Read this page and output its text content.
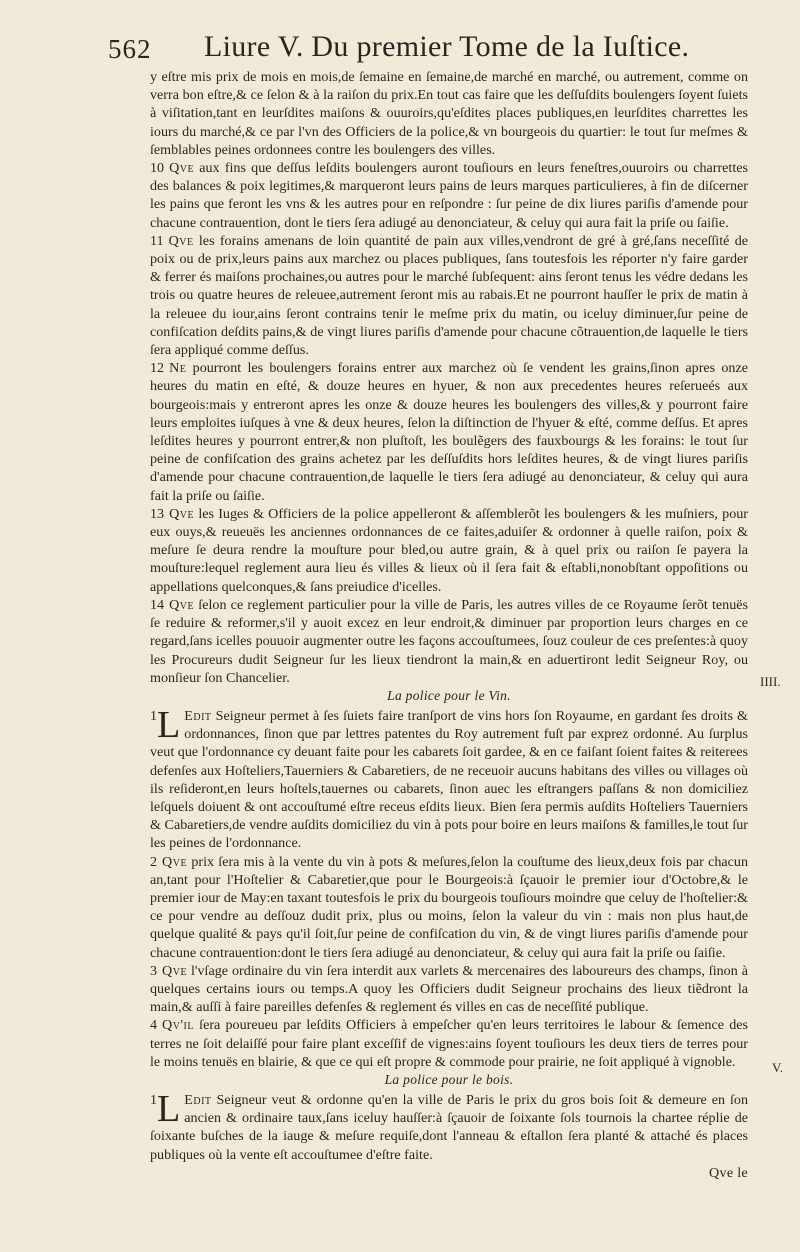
562 Liure V. Du premier Tome de la Iuſtice.
IIII.
V.

y eſtre mis prix de mois en mois,de ſemaine en ſemaine,de marché en marché, ou autrement, comme on verra bon eſtre,& ce ſelon & à la raiſon du prix.En tout cas faire que les deſſuſdits boulengers ſoyent ſuiets à viſitation,tant en leurſdites maiſons & ouuroirs,qu'eſdites places publiques,en leurſdites charrettes les iours du marché,& ce par l'vn des Officiers de la police,& vn bourgeois du quartier: le tout ſur meſmes & ſemblables peines ordonnees contre les boulengers des villes.

10 Qve aux fins que deſſus leſdits boulengers auront touſiours en leurs feneſtres,ouuroirs ou charrettes des balances & poix legitimes,& marqueront leurs pains de leurs marques particulieres, à fin de diſcerner les pains que feront les vns & les autres pour en reſpondre : ſur peine de dix liures pariſis d'amende pour chacune contrauention, dont le tiers ſera adiugé au denonciateur, & celuy qui aura fait la priſe ou ſaiſie.

11 Qve les forains amenans de loin quantité de pain aux villes,vendront de gré à gré,ſans neceſſité de poix ou de prix,leurs pains aux marchez ou places publiques, ſans toutesfois les réporter n'y faire garder & ferrer és maiſons prochaines,ou autres pour le marché ſubſequent: ains ſeront tenus les védre dedans les trois ou quatre heures de releuee,autrement ſeront mis au rabais.Et ne pourront hauſſer le prix de matin à la releuee du iour,ains ſeront contrains tenir le meſme prix du matin, ou iceluy diminuer,ſur peine de confiſcation deſdits pains,& de vingt liures pariſis d'amende pour chacune cõtrauention,de laquelle le tiers ſera appliqué comme deſſus.

12 Ne pourront les boulengers forains entrer aux marchez où ſe vendent les grains,ſinon apres onze heures du matin en eſté, & douze heures en hyuer, & non aux precedentes heures reſerueés aux bourgeois:mais y entreront apres les onze & douze heures les boulengers des villes,& y pourront faire leurs emploites iuſques à vne & deux heures, ſelon la diſtinction de l'hyuer & eſté, comme deſſus. Et apres leſdites heures y pourront entrer,& non pluſtoſt, les boulẽgers des fauxbourgs & les forains: le tout ſur peine de confiſcation des grains achetez par les deſſuſdits hors leſdites heures, & de vingt liures pariſis d'amende pour chacune contrauention,de laquelle le tiers ſera adiugé au denonciateur, & celuy qui aura fait la priſe ou ſaiſie.

13 Qve les Iuges & Officiers de la police appelleront & aſſemblerõt les boulengers & les muſniers, pour eux ouys,& reueuës les anciennes ordonnances de ce faites,aduiſer & ordonner à quelle raiſon, poix & meſure ſe deura rendre la mouſture pour bled,ou autre grain, & à quel prix ou raiſon ſe payera la mouſture:lequel reglement aura lieu és villes & lieux où il ſera fait & eſtabli,nonobſtant oppoſitions ou appellations quelconques,& ſans preiudice d'icelles.

14 Qve ſelon ce reglement particulier pour la ville de Paris, les autres villes de ce Royaume ſerõt tenuës ſe reduire & reformer,s'il y auoit excez en leur endroit,& diminuer par proportion leurs charges en ce regard,ſans icelles pouuoir augmenter outre les façons accouſtumees, ſouz couleur de ces preſentes:à quoy les Procureurs dudit Seigneur ſur les lieux tiendront la main,& en aduertiront ledit Seigneur Roy, ou monſieur ſon Chancelier.

La police pour le Vin.

1 L Edit Seigneur permet à ſes ſuiets faire tranſport de vins hors ſon Royaume, en gardant ſes droits & ordonnances, ſinon que par lettres patentes du Roy autrement fuſt par exprez ordonné. Au ſurplus veut que l'ordonnance cy deuant faite pour les cabarets ſoit gardee, & en ce faiſant ſoient faites & reiterees defenſes aux Hoſteliers,Tauerniers & Cabaretiers, de ne receuoir aucuns habitans des villes ou villages où ils reſideront,en leurs hoſtels,tauernes ou cabarets, ſinon auec les eſtrangers paſſans & non domiciliez leſquels doiuent & ont accouſtumé eſtre receus eſdits lieux. Bien ſera permis auſdits Hoſteliers Tauerniers & Cabaretiers,de vendre auſdits domiciliez du vin à pots pour boire en leurs maiſons & familles,le tout ſur les peines de l'ordonnance.

2 Qve prix ſera mis à la vente du vin à pots & meſures,ſelon la couſtume des lieux,deux fois par chacun an,tant pour l'Hoſtelier & Cabaretier,que pour le Bourgeois:à ſçauoir le premier iour d'Octobre,& le premier iour de May:en taxant toutesfois le prix du bourgeois touſiours moindre que celuy de l'hoſtelier:& ce pour vendre au deſſouz dudit prix, plus ou moins, ſelon la valeur du vin : mais non plus haut,de quelque qualité & pays qu'il ſoit,ſur peine de confiſcation du vin, & de vingt liures pariſis d'amende pour chacune contrauention:dont le tiers ſera adiugé au denonciateur, & celuy qui aura fait la priſe ou ſaiſie.

3 Qve l'vſage ordinaire du vin ſera interdit aux varlets & mercenaires des laboureurs des champs, ſinon à quelques certains iours ou temps.A quoy les Officiers dudit Seigneur prochains des lieux tiẽdront la main,& auſſi à faire pareilles defenſes & reglement és villes en cas de neceſſité publique.

4 Qv'il ſera poureueu par leſdits Officiers à empeſcher qu'en leurs territoires le labour & ſemence des terres ne ſoit delaiſſé pour faire plant exceſſif de vignes:ains ſoyent touſiours les deux tiers de terres pour le moins tenuës en blairie, & que ce qui eſt propre & commode pour prairie, ne ſoit appliqué à vignoble.

La police pour le bois.

1 L Edit Seigneur veut & ordonne qu'en la ville de Paris le prix du gros bois ſoit & demeure en ſon ancien & ordinaire taux,ſans iceluy hauſſer:à ſçauoir de ſoixante ſols tournois la chartee réplie de ſoixante buſches de la iauge & meſure requiſe,dont l'anneau & eſtallon ſera planté & attaché és places publiques où la vente eſt accouſtumee d'eſtre faite.

Qve le
